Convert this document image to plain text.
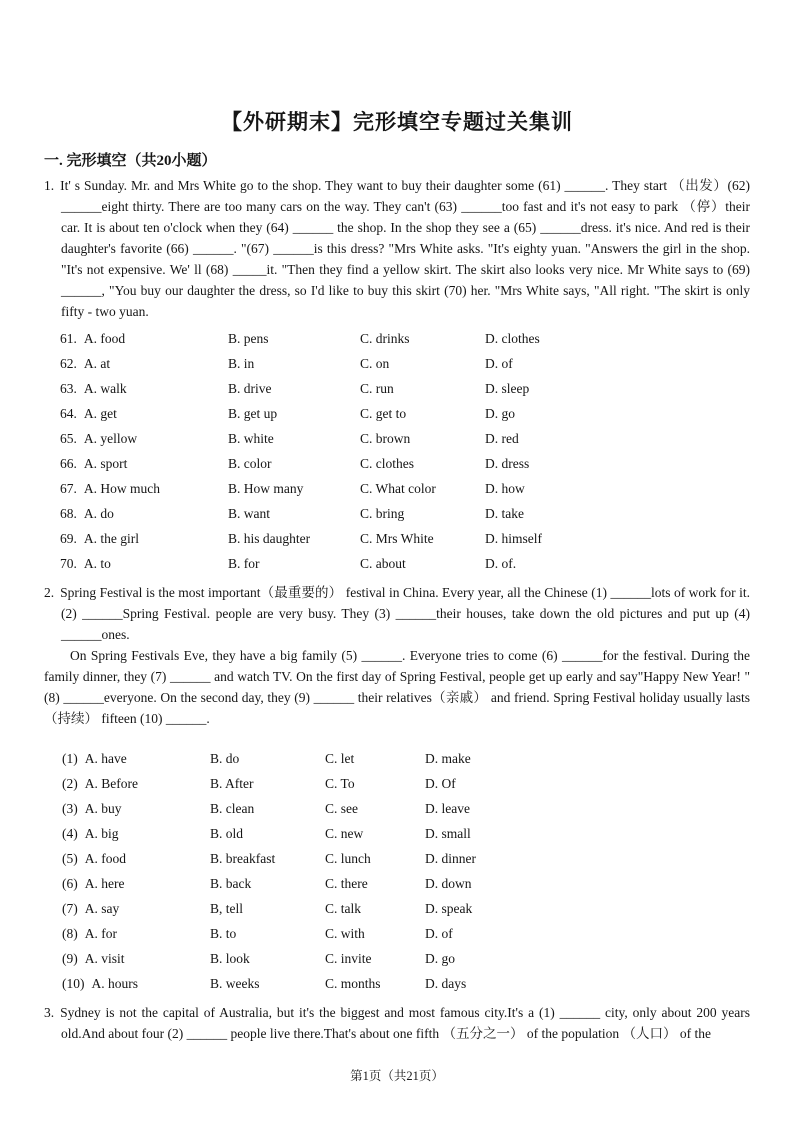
【外研期末】完形填空专题过关集训
一. 完形填空（共20小题）

1. It' s Sunday. Mr. and Mrs White go to the shop. They want to buy their daughter some (61) ______. They start （出发）(62) ______eight thirty. There are too many cars on the way. They can't (63) ______too fast and it's not easy to park （停）their car. It is about ten o'clock when they (64) ______ the shop. In the shop they see a (65) ______dress. it's nice. And red is their daughter's favorite (66) ______. "(67) ______is this dress? "Mrs White asks. "It's eighty yuan. "Answers the girl in the shop. "It's not expensive. We' ll (68) _____it. "Then they find a yellow skirt. The skirt also looks very nice. Mr White says to (69) ______, "You buy our daughter the dress, so I'd like to buy this skirt (70) her. "Mrs White says, "All right. "The skirt is only fifty - two yuan.

61. A. food	B. pens	C. drinks	D. clothes
62. A. at	B. in	C. on	D. of
63. A. walk	B. drive	C. run	D. sleep
64. A. get	B. get up	C. get to	D. go
65. A. yellow	B. white	C. brown	D. red
66. A. sport	B. color	C. clothes	D. dress
67. A. How much	B. How many	C. What color	D. how
68. A. do	B. want	C. bring	D. take
69. A. the girl	B. his daughter	C. Mrs White	D. himself
70. A. to	B. for	C. about	D. of.

2. Spring Festival is the most important（最重要的） festival in China. Every year, all the Chinese (1) ______lots of work for it. (2) ______Spring Festival. people are very busy. They (3) ______their houses, take down the old pictures and put up (4) ______ones.

On Spring Festivals Eve, they have a big family (5) ______. Everyone tries to come (6) ______for the festival. During the family dinner, they (7) ______ and watch TV. On the first day of Spring Festival, people get up early and say"Happy New Year! " (8) ______everyone. On the second day, they (9) ______ their relatives（亲戚） and friend. Spring Festival holiday usually lasts（持续） fifteen (10) ______.

(1) A. have	B. do	C. let	D. make
(2) A. Before	B. After	C. To	D. Of
(3) A. buy	B. clean	C. see	D. leave
(4) A. big	B. old	C. new	D. small
(5) A. food	B. breakfast	C. lunch	D. dinner
(6) A. here	B. back	C. there	D. down
(7) A. say	B, tell	C. talk	D. speak
(8) A. for	B. to	C. with	D. of
(9) A. visit	B. look	C. invite	D. go
(10) A. hours	B. weeks	C. months	D. days

3. Sydney is not the capital of Australia, but it's the biggest and most famous city.It's a (1) ______ city, only about 200 years old.And about four (2) ______ people live there.That's about one fifth （五分之一） of the population （人口） of the

第1页（共21页）
